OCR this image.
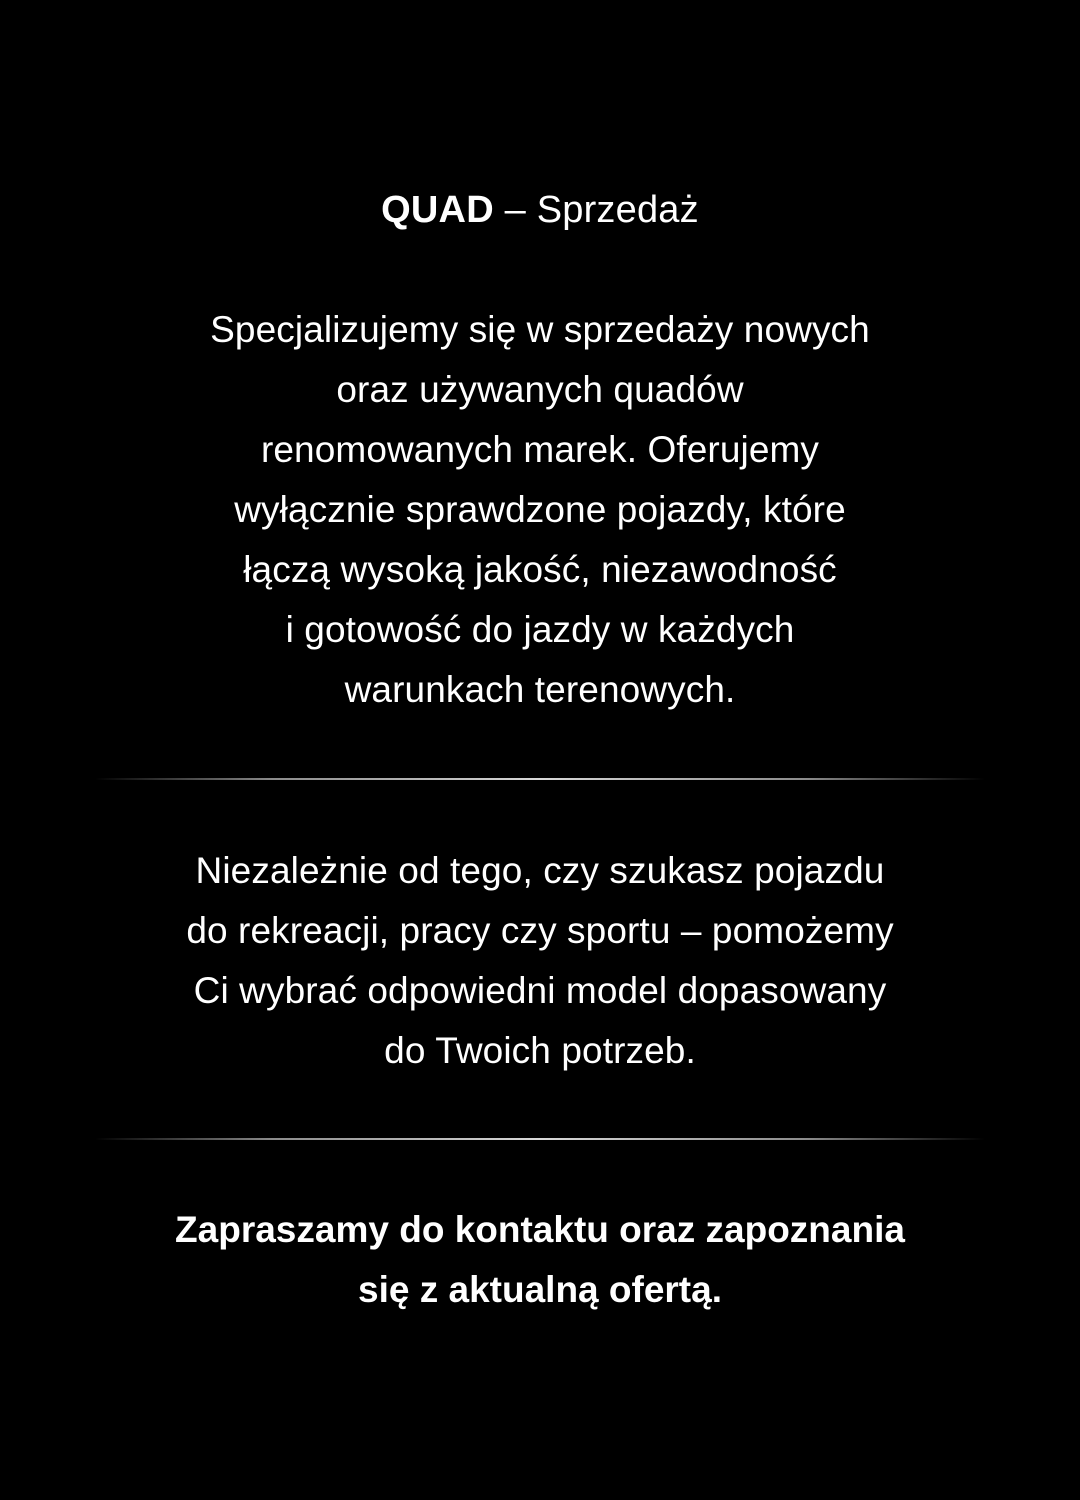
QUAD – Sprzedaż
Specjalizujemy się w sprzedaży nowych
oraz używanych quadów
renomowanych marek. Oferujemy
wyłącznie sprawdzone pojazdy, które
łączą wysoką jakość, niezawodność
i gotowość do jazdy w każdych
warunkach terenowych.
Niezależnie od tego, czy szukasz pojazdu
do rekreacji, pracy czy sportu – pomożemy
Ci wybrać odpowiedni model dopasowany
do Twoich potrzeb.
Zapraszamy do kontaktu oraz zapoznania
się z aktualną ofertą.
